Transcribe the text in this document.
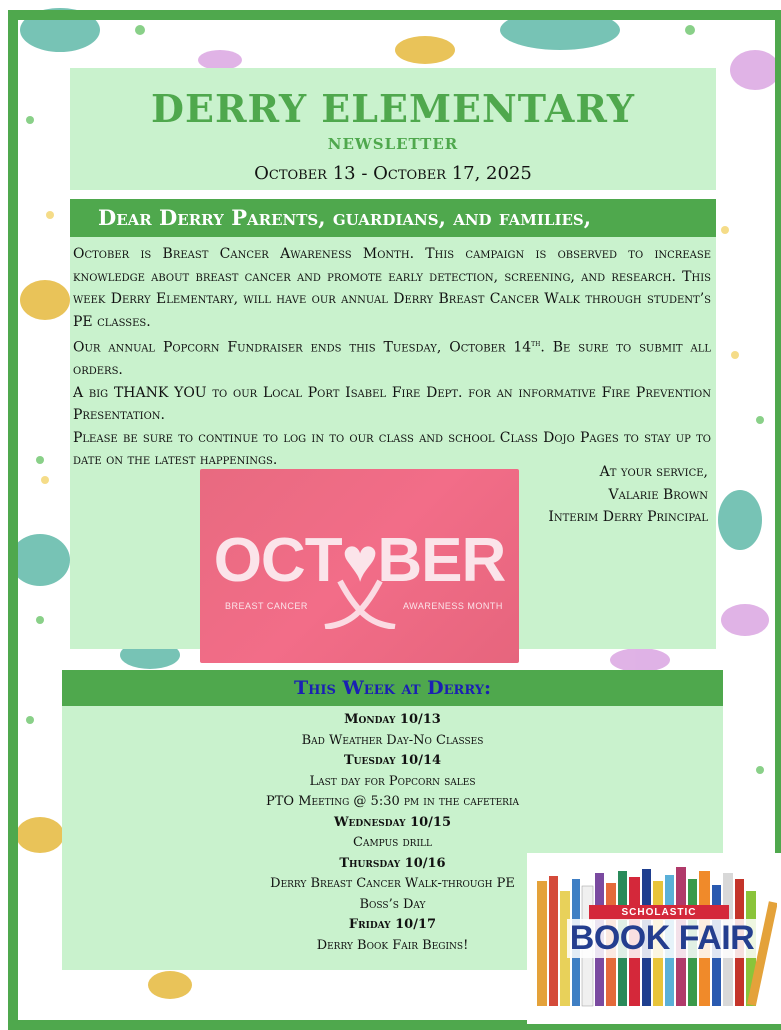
DERRY ELEMENTARY
NEWSLETTER
October 13 - October 17, 2025
Dear Derry Parents, guardians, and families,

October is Breast Cancer Awareness Month. This campaign is observed to increase knowledge about breast cancer and promote early detection, screening, and research. This week Derry Elementary, will have our annual Derry Breast Cancer Walk through student’s PE classes.

Our annual Popcorn Fundraiser ends this Tuesday, October 14th. Be sure to submit all orders.

A big THANK YOU to our Local Port Isabel Fire Dept. for an informative Fire Prevention Presentation.

Please be sure to continue to log in to our class and school Class Dojo Pages to stay up to date on the latest happenings.

OCT♥BER
BREAST CANCER	AWARENESS MONTH
At your service,
Valarie Brown
Interim Derry Principal
This Week at Derry:
Monday 10/13
Bad Weather Day-No Classes
Tuesday 10/14
Last day for Popcorn sales
PTO Meeting @ 5:30 pm in the cafeteria
Wednesday 10/15
Campus drill
Thursday 10/16
Derry Breast Cancer Walk-through PE
Boss’s Day
Friday 10/17
Derry Book Fair Begins!
SCHOLASTIC
BOOK FAIR
